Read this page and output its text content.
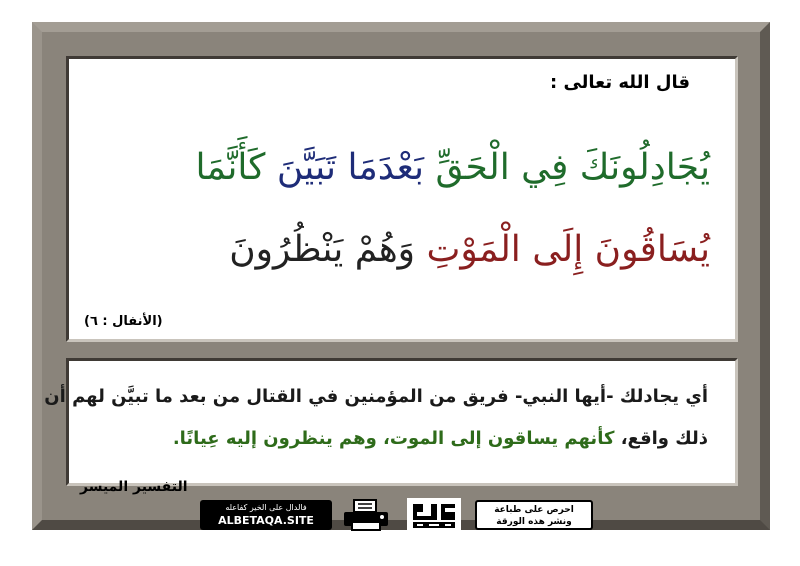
قال الله تعالى :
يُجَادِلُونَكَ فِي الْحَقِّ بَعْدَمَا تَبَيَّنَ كَأَنَّمَا
يُسَاقُونَ إِلَى الْمَوْتِ وَهُمْ يَنْظُرُونَ
(الأنفال : ٦)
أي يجادلك -أيها النبي- فريق من المؤمنين في القتال من بعد ما تبيَّن لهم أن
ذلك واقع، كأنهم يساقون إلى الموت، وهم ينظرون إليه عِيانًا.
التفسير الميسر
فالدال على الخير كفاعله
ALBETAQA.SITE
احرص على طباعة
ونشر هذه الورقة
